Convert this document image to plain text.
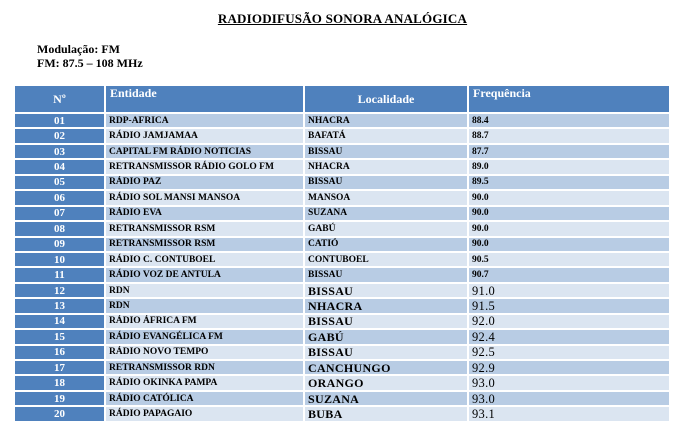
RADIODIFUSÃO SONORA ANALÓGICA
Modulação: FM
FM: 87.5 – 108 MHz
Nº	Entidade	Localidade	Frequência
01	RDP-AFRICA	NHACRA	88.4
02	RÁDIO JAMJAMAA	BAFATÁ	88.7
03	CAPITAL FM RÁDIO NOTICIAS	BISSAU	87.7
04	RETRANSMISSOR RÁDIO GOLO FM	NHACRA	89.0
05	RÁDIO PAZ	BISSAU	89.5
06	RÁDIO SOL MANSI MANSOA	MANSOA	90.0
07	RÁDIO EVA	SUZANA	90.0
08	RETRANSMISSOR RSM	GABÚ	90.0
09	RETRANSMISSOR RSM	CATIÓ	90.0
10	RÁDIO C. CONTUBOEL	CONTUBOEL	90.5
11	RÁDIO VOZ DE ANTULA	BISSAU	90.7
12	RDN	BISSAU	91.0
13	RDN	NHACRA	91.5
14	RÁDIO ÁFRICA FM	BISSAU	92.0
15	RÁDIO EVANGÉLICA FM	GABÚ	92.4
16	RÁDIO NOVO TEMPO	BISSAU	92.5
17	RETRANSMISSOR RDN	CANCHUNGO	92.9
18	RÁDIO OKINKA PAMPA	ORANGO	93.0
19	RÁDIO CATÓLICA	SUZANA	93.0
20	RÁDIO PAPAGAIO	BUBA	93.1
